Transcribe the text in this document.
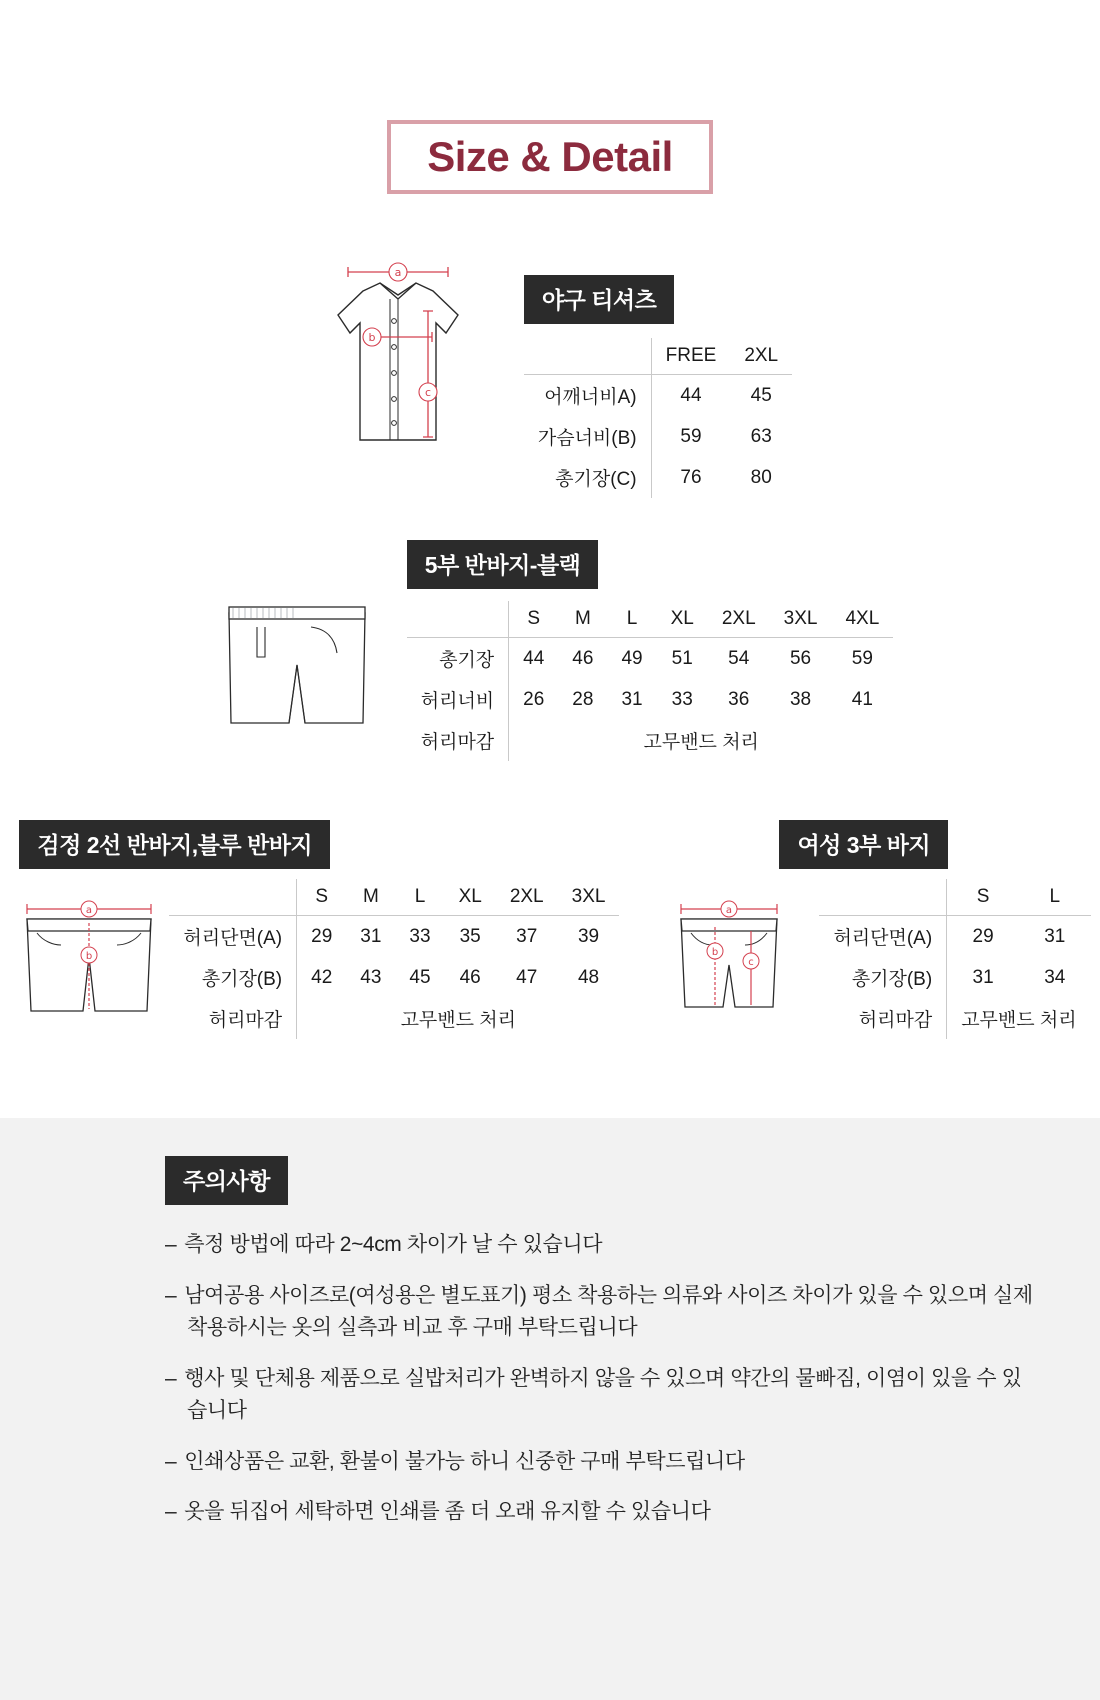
Size & Detail
a
b
c
야구 티셔츠
	FREE	2XL
어깨너비A)	44	45
가슴너비(B)	59	63
총기장(C)	76	80
5부 반바지-블랙
	S	M	L	XL	2XL	3XL	4XL
총기장	44	46	49	51	54	56	59
허리너비	26	28	31	33	36	38	41
허리마감	고무밴드 처리						
검정 2선 반바지,블루 반바지
a
b
	S	M	L	XL	2XL	3XL
허리단면(A)	29	31	33	35	37	39
총기장(B)	42	43	45	46	47	48
허리마감	고무밴드 처리					
여성 3부 바지
a
b
c
	S	L
허리단면(A)	29	31
총기장(B)	31	34
허리마감	고무밴드 처리	
주의사항
– 측정 방법에 따라 2~4cm 차이가 날 수 있습니다
– 남여공용 사이즈로(여성용은 별도표기) 평소 착용하는 의류와 사이즈 차이가 있을 수 있으며 실제 착용하시는 옷의 실측과 비교 후 구매 부탁드립니다
– 행사 및 단체용 제품으로 실밥처리가 완벽하지 않을 수 있으며 약간의 물빠짐, 이염이 있을 수 있습니다
– 인쇄상품은 교환, 환불이 불가능 하니 신중한 구매 부탁드립니다
– 옷을 뒤집어 세탁하면 인쇄를 좀 더 오래 유지할 수 있습니다
